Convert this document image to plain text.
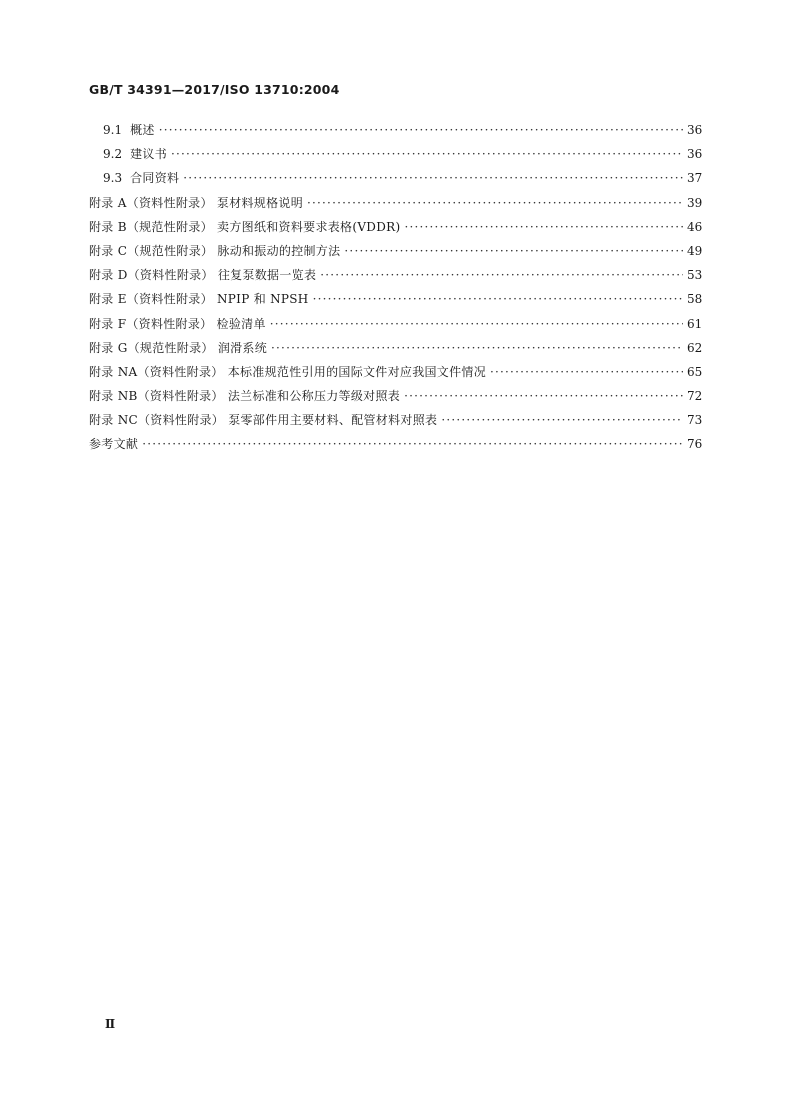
GB/T 34391—2017/ISO 13710:2004
9.1 概述 ·····	36
9.2 建议书 ·····	36
9.3 合同资料 ·····	37
附录 A（资料性附录） 泵材料规格说明 ·····	39
附录 B（规范性附录） 卖方图纸和资料要求表格(VDDR) ·····	46
附录 C（规范性附录） 脉动和振动的控制方法 ·····	49
附录 D（资料性附录） 往复泵数据一览表 ·····	53
附录 E（资料性附录） NPIP 和 NPSH ·····	58
附录 F（资料性附录） 检验清单 ·····	61
附录 G（规范性附录） 润滑系统 ·····	62
附录 NA（资料性附录） 本标准规范性引用的国际文件对应我国文件情况 ·····	65
附录 NB（资料性附录） 法兰标准和公称压力等级对照表 ·····	72
附录 NC（资料性附录） 泵零部件用主要材料、配管材料对照表 ·····	73
参考文献 ·····	76
Ⅱ
